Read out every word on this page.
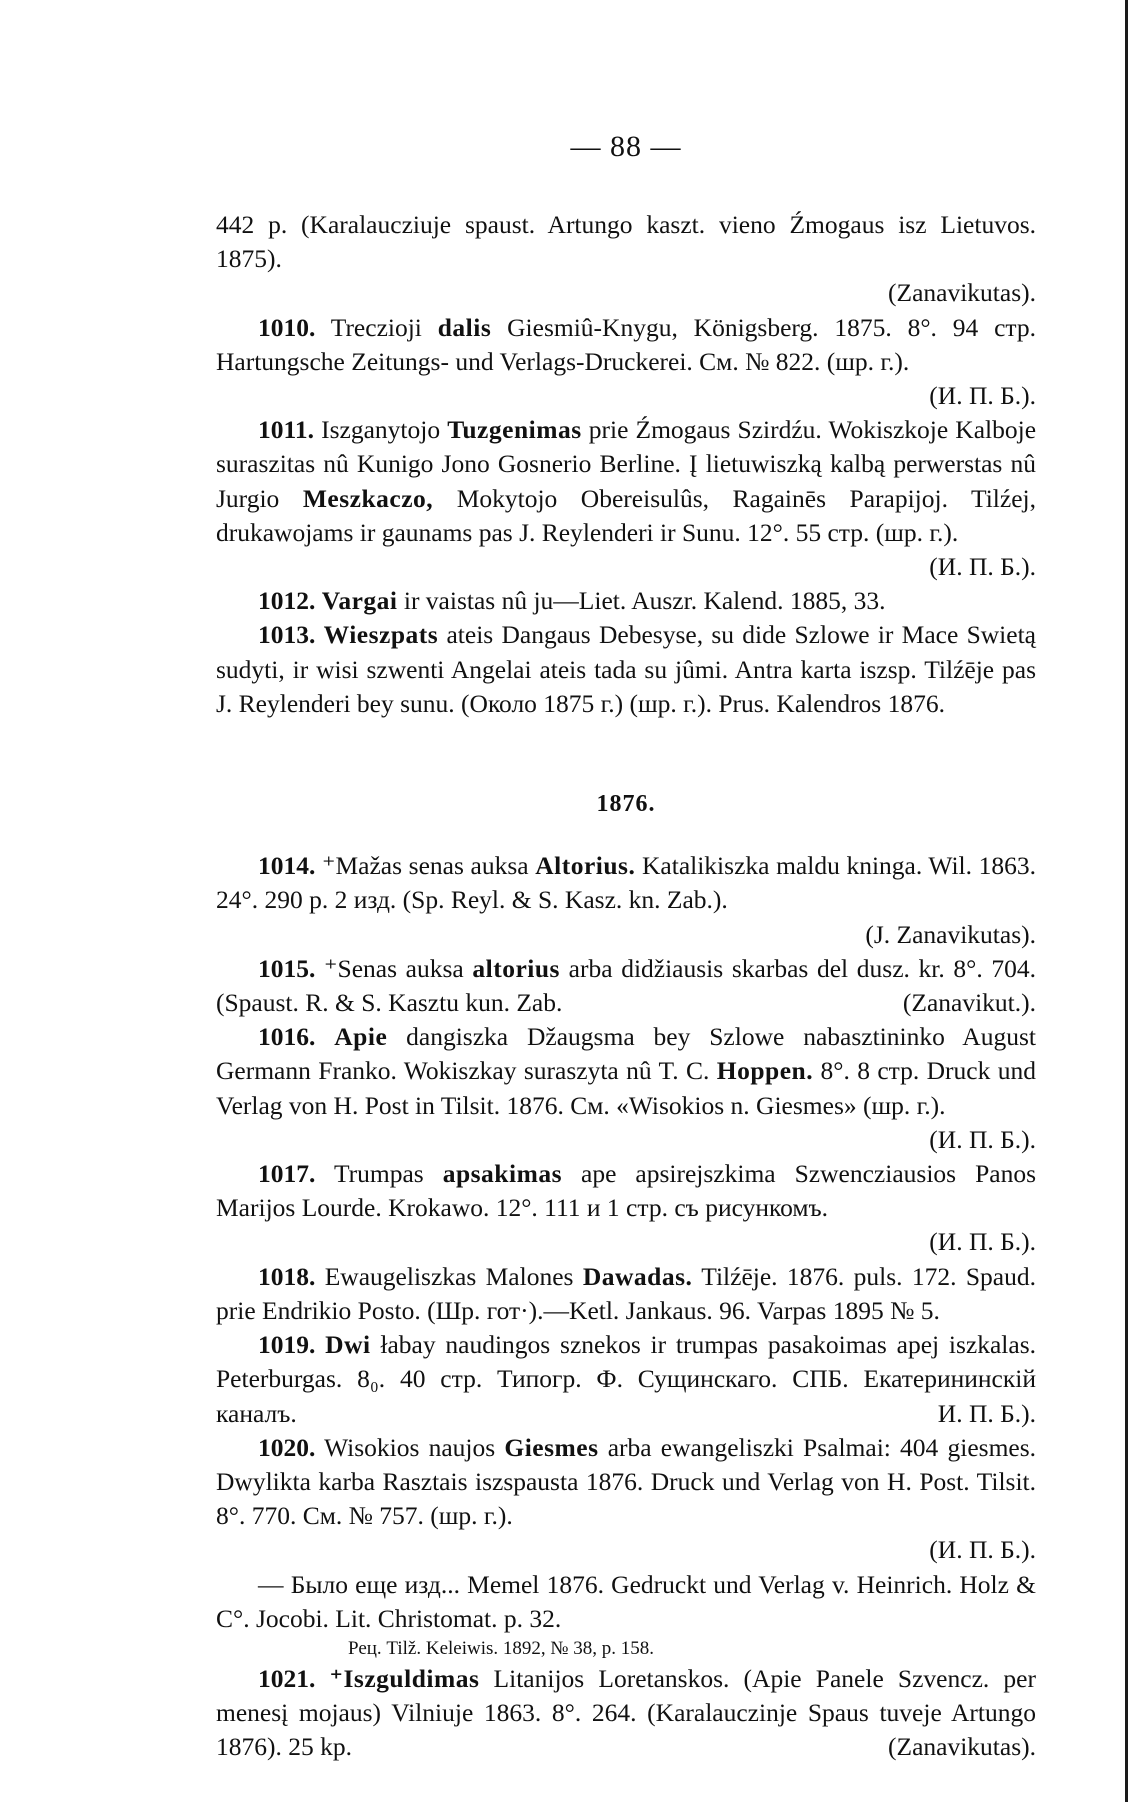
— 88 —

442 p. (Karalaucziuje spaust. Artungo kaszt. vieno Źmogaus isz Lietuvos. 1875).
(Zanavikutas).

1010. Trecziojі dalis Giesmiû-Knygu, Königsberg. 1875. 8°. 94 стр. Hartungsche Zeitungs- und Verlags-Druckerei. См. № 822. (шр. г.).
(И. П. Б.).

1011. Iszganytojo Tuzgenimas prie Źmogaus Szirdźu. Wokiszkoje Kalboje suraszitas nû Kunigo Jono Gosnerio Berline. Į lietuwiszką kalbą perwerstas nû Jurgio Meszkaczo, Mokytojo Obereisulûs, Ragainēs Parapijoj. Tilźej, drukawojams ir gaunams pas J. Reylenderi ir Sunu. 12°. 55 стр. (шр. г.).
(И. П. Б.).

1012. Vargai ir vaistas nû ju—Liet. Auszr. Kalend. 1885, 33.

1013. Wieszpats ateis Dangaus Debesyse, su dide Szlowe ir Mace Swietą sudyti, ir wisi szwenti Angelai ateis tada su jûmi. Antra karta iszsp. Tilźēje pas J. Reylenderi bey sunu. (Около 1875 г.) (шр. г.). Prus. Kalendros 1876.

1876.

1014. ⁺Mažas senas auksa Altorius. Katalikiszka maldu kninga. Wil. 1863. 24°. 290 p. 2 изд. (Sp. Reyl. & S. Kasz. kn. Zab.).
(J. Zanavikutas).

1015. ⁺Senas auksa altorius arba didžiausis skarbas del dusz. kr. 8°. 704. (Spaust. R. & S. Kasztu kun. Zab.	(Zanavikut.).

1016. Apie dangiszka Džaugsma bey Szlowe nabasztininko August Germann Franko. Wokiszkay suraszyta nû T. C. Hoppen. 8°. 8 стр. Druck und Verlag von H. Post in Tilsit. 1876. См. «Wisokios n. Giesmes» (шр. г.).
(И. П. Б.).

1017. Trumpas apsakimas ape apsirejszkima Szwencziausios Panos Marijos Lourde. Krokawo. 12°. 111 и 1 стр. съ рисункомъ.
(И. П. Б.).

1018. Ewaugeliszkas Malones Dawadas. Tilźēje. 1876. puls. 172. Spaud. prie Endrikio Posto. (Шр. гот·).—Ketl. Jankaus. 96. Varpas 1895 № 5.

1019. Dwi łabay naudingos sznekos ir trumpas pasakoimas apej iszkalas. Peterburgas. 8₀. 40 стр. Типогр. Ф. Сущинскаго. СПБ. Екатерининскій каналъ.	И. П. Б.).

1020. Wisokios naujos Giesmes arba ewangeliszki Psalmai: 404 giesmes. Dwylikta karba Rasztais iszspausta 1876. Druck und Verlag von H. Post. Tilsit. 8°. 770. См. № 757. (шр. г.).
(И. П. Б.).

— Было еще изд... Memel 1876. Gedruckt und Verlag v. Heinrich. Holz & C°. Jocobi. Lit. Christomat. p. 32.

Рец. Tilž. Keleiwis. 1892, № 38, p. 158.

1021. ⁺Iszguldimas Litanijos Loretanskos. (Apie Panele Szvencz. per menesį mojaus) Vilniuje 1863. 8°. 264. (Karalauczinje Spaus tuveje Artungo 1876). 25 kp.	(Zanavikutas).
